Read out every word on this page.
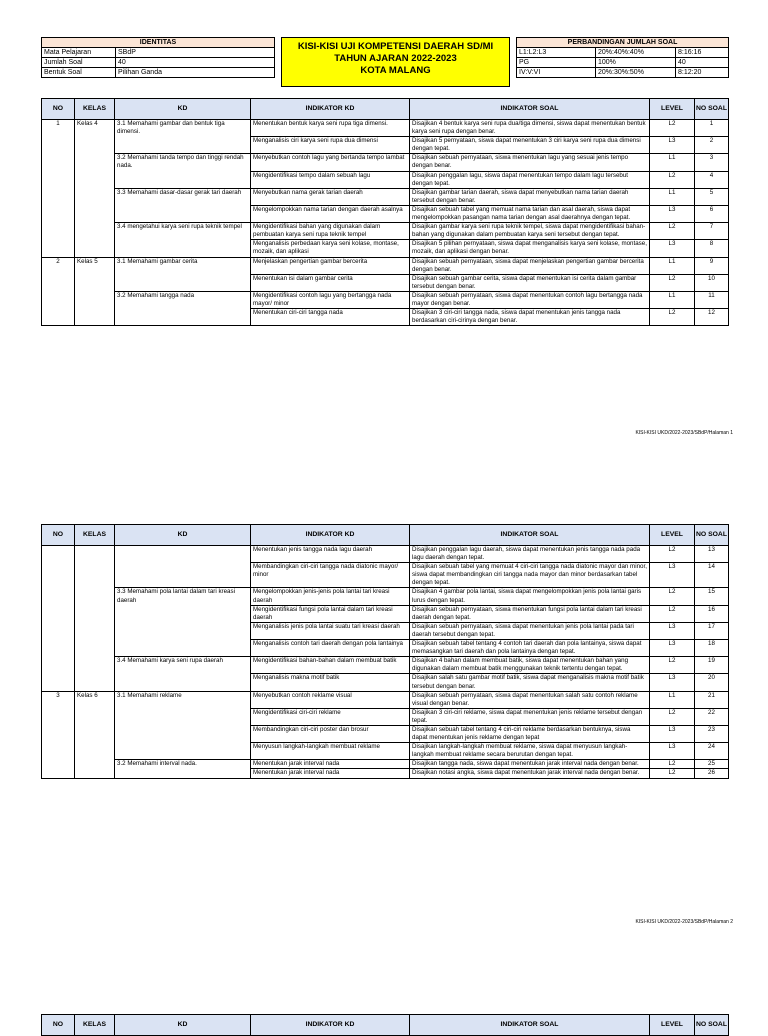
IDENTITAS	
Mata Pelajaran	SBdP
Jumlah Soal	40
Bentuk Soal	Pilihan Ganda
KISI-KISI UJI KOMPETENSI DAERAH SD/MI
TAHUN AJARAN 2022-2023
KOTA MALANG
PERBANDINGAN JUMLAH SOAL		
L1:L2:L3	20%:40%:40%	8:16:16
PG	100%	40
IV:V:VI	20%:30%:50%	8:12:20
NO	KELAS	KD	INDIKATOR KD	INDIKATOR SOAL	LEVEL	NO SOAL
1	Kelas 4	3.1 Memahami gambar dan bentuk tiga dimensi.	Menentukan bentuk karya seni rupa tiga dimensi.	Disajikan 4 bentuk karya seni rupa dua/tiga dimensi, siswa dapat menentukan bentuk karya seni rupa dengan benar.	L2	1
			Menganalisis ciri karya seni rupa dua dimensi	Disajikan 5 pernyataan, siswa dapat menentukan 3 ciri karya seni rupa dua dimensi dengan tepat.	L3	2
		3.2 Memahami tanda tempo dan tinggi rendah nada.	Menyebutkan contoh lagu yang bertanda tempo lambat	Disajikan sebuah pernyataan, siswa menentukan lagu yang sesuai jenis tempo dengan benar.	L1	3
			Mengidentifikasi tempo dalam sebuah lagu	Disajikan penggalan lagu, siswa dapat menentukan tempo dalam lagu tersebut dengan tepat.	L2	4
		3.3 Memahami dasar-dasar gerak tari daerah	Menyebutkan nama gerak tarian daerah	Disajikan gambar tarian daerah, siswa dapat menyebutkan nama tarian daerah tersebut dengan benar.	L1	5
			Mengelompokkan nama tarian dengan daerah asalnya	Disajikan sebuah tabel yang memuat nama tarian dan asal daerah, siswa dapat mengelompokkan pasangan nama tarian dengan asal daerahnya dengan tepat.	L3	6
		3.4 mengetahui karya seni rupa teknik tempel	Mengidentifikasi bahan yang digunakan dalam pembuatan karya seni rupa teknik tempel	Disajikan gambar karya seni rupa teknik tempel, siswa dapat mengidentifikasi bahan-bahan yang digunakan dalam pembuatan karya seni tersebut dengan tepat.	L2	7
			Menganalisis perbedaan karya seni kolase, montase, mozaik, dan aplikasi	Disajikan 5 pilihan pernyataan, siswa dapat menganalisis karya seni kolase, montase, mozaik, dan aplikasi dengan benar.	L3	8
2	Kelas 5	3.1 Memahami gambar cerita	Menjelaskan pengertian gambar bercerita	Disajikan sebuah pernyataan, siswa dapat menjelaskan pengertian gambar bercerita dengan benar.	L1	9
			Menentukan isi dalam gambar cerita	Disajikan sebuah gambar cerita, siswa dapat menentukan isi cerita dalam gambar tersebut dengan benar.	L2	10
		3.2 Memahami tangga nada	Mengidentifikasi contoh lagu yang bertangga nada mayor/ minor	Disajikan sebuah pernyataan, siswa dapat menentukan contoh lagu bertangga nada mayor dengan benar.	L1	11
			Menentukan ciri-ciri tangga nada	Disajikan 3 ciri-ciri tangga nada, siswa dapat menentukan jenis tangga nada berdasarkan ciri-cirinya dengan benar.	L2	12
KISI-KISI UKD/2022-2023/SBdP/Halaman 1
NO	KELAS	KD	INDIKATOR KD	INDIKATOR SOAL	LEVEL	NO SOAL
			Menentukan jenis tangga nada lagu daerah	Disajikan penggalan lagu daerah, siswa dapat menentukan jenis tangga nada pada lagu daerah dengan tepat.	L2	13
			Membandingkan ciri-ciri tangga nada diatonic mayor/ minor	Disajikan sebuah tabel yang memuat 4 ciri-ciri tangga nada diatonic mayor dan minor, siswa dapat membandingkan ciri tangga nada mayor dan minor berdasarkan tabel dengan tepat.	L3	14
		3.3 Memahami pola lantai dalam tari kreasi daerah	Mengelompokkan jenis-jenis pola lantai tari kreasi daerah	Disajikan 4 gambar pola lantai, siswa dapat mengelompokkan jenis pola lantai garis lurus dengan tepat.	L2	15
			Mengidentifikasi fungsi pola lantai dalam tari kreasi daerah	Disajikan sebuah pernyataan, siswa menentukan fungsi pola lantai dalam tari kreasi daerah dengan tepat.	L2	16
			Menganalisis jenis pola lantai suatu tari kreasi daerah	Disajikan sebuah pernyataan, siswa dapat menentukan jenis pola lantai pada tari daerah tersebut dengan tepat.	L3	17
			Menganalisis contoh tari daerah dengan pola lantainya	Disajikan sebuah tabel tentang 4 contoh tari daerah dan pola lantainya, siswa dapat memasangkan tari daerah dan pola lantainya dengan tepat.	L3	18
		3.4 Memahami karya seni rupa daerah	Mengidentifikasi bahan-bahan dalam membuat batik	Disajikan 4 bahan dalam membuat batik, siswa dapat menentukan bahan yang digunakan dalam membuat batik menggunakan teknik tertentu dengan tepat.	L2	19
			Menganalisis makna motif batik	Disajikan salah satu gambar motif batik, siswa dapat menganalisis makna motif batik tersebut dengan benar.	L3	20
3	Kelas 6	3.1 Memahami reklame	Menyebutkan contoh reklame visual	Disajikan sebuah pernyataan, siswa dapat menentukan salah satu contoh reklame visual dengan benar.	L1	21
			Mengidentifikasi ciri-ciri reklame	Disajikan 3 ciri-ciri reklame, siswa dapat menentukan jenis reklame tersebut dengan tepat.	L2	22
			Membandingkan ciri-ciri poster dan brosur	Disajikan sebuah tabel tentang 4 ciri-ciri reklame berdasarkan bentuknya, siswa dapat menentukan jenis reklame dengan tepat	L3	23
			Menyusun langkah-langkah membuat reklame	Disajikan langkah-langkah membuat reklame, siswa dapat menyusun langkah-langkah membuat reklame secara berurutan dengan tepat.	L3	24
		3.2 Memahami interval nada.	Menentukan jarak interval nada	Disajikan tangga nada, siswa dapat menentukan jarak interval nada dengan benar.	L2	25
			Menentukan jarak interval nada	Disajikan notasi angka, siswa dapat menentukan jarak interval nada dengan benar.	L2	26
KISI-KISI UKD/2022-2023/SBdP/Halaman 2
NO	KELAS	KD	INDIKATOR KD	INDIKATOR SOAL	LEVEL	NO SOAL
